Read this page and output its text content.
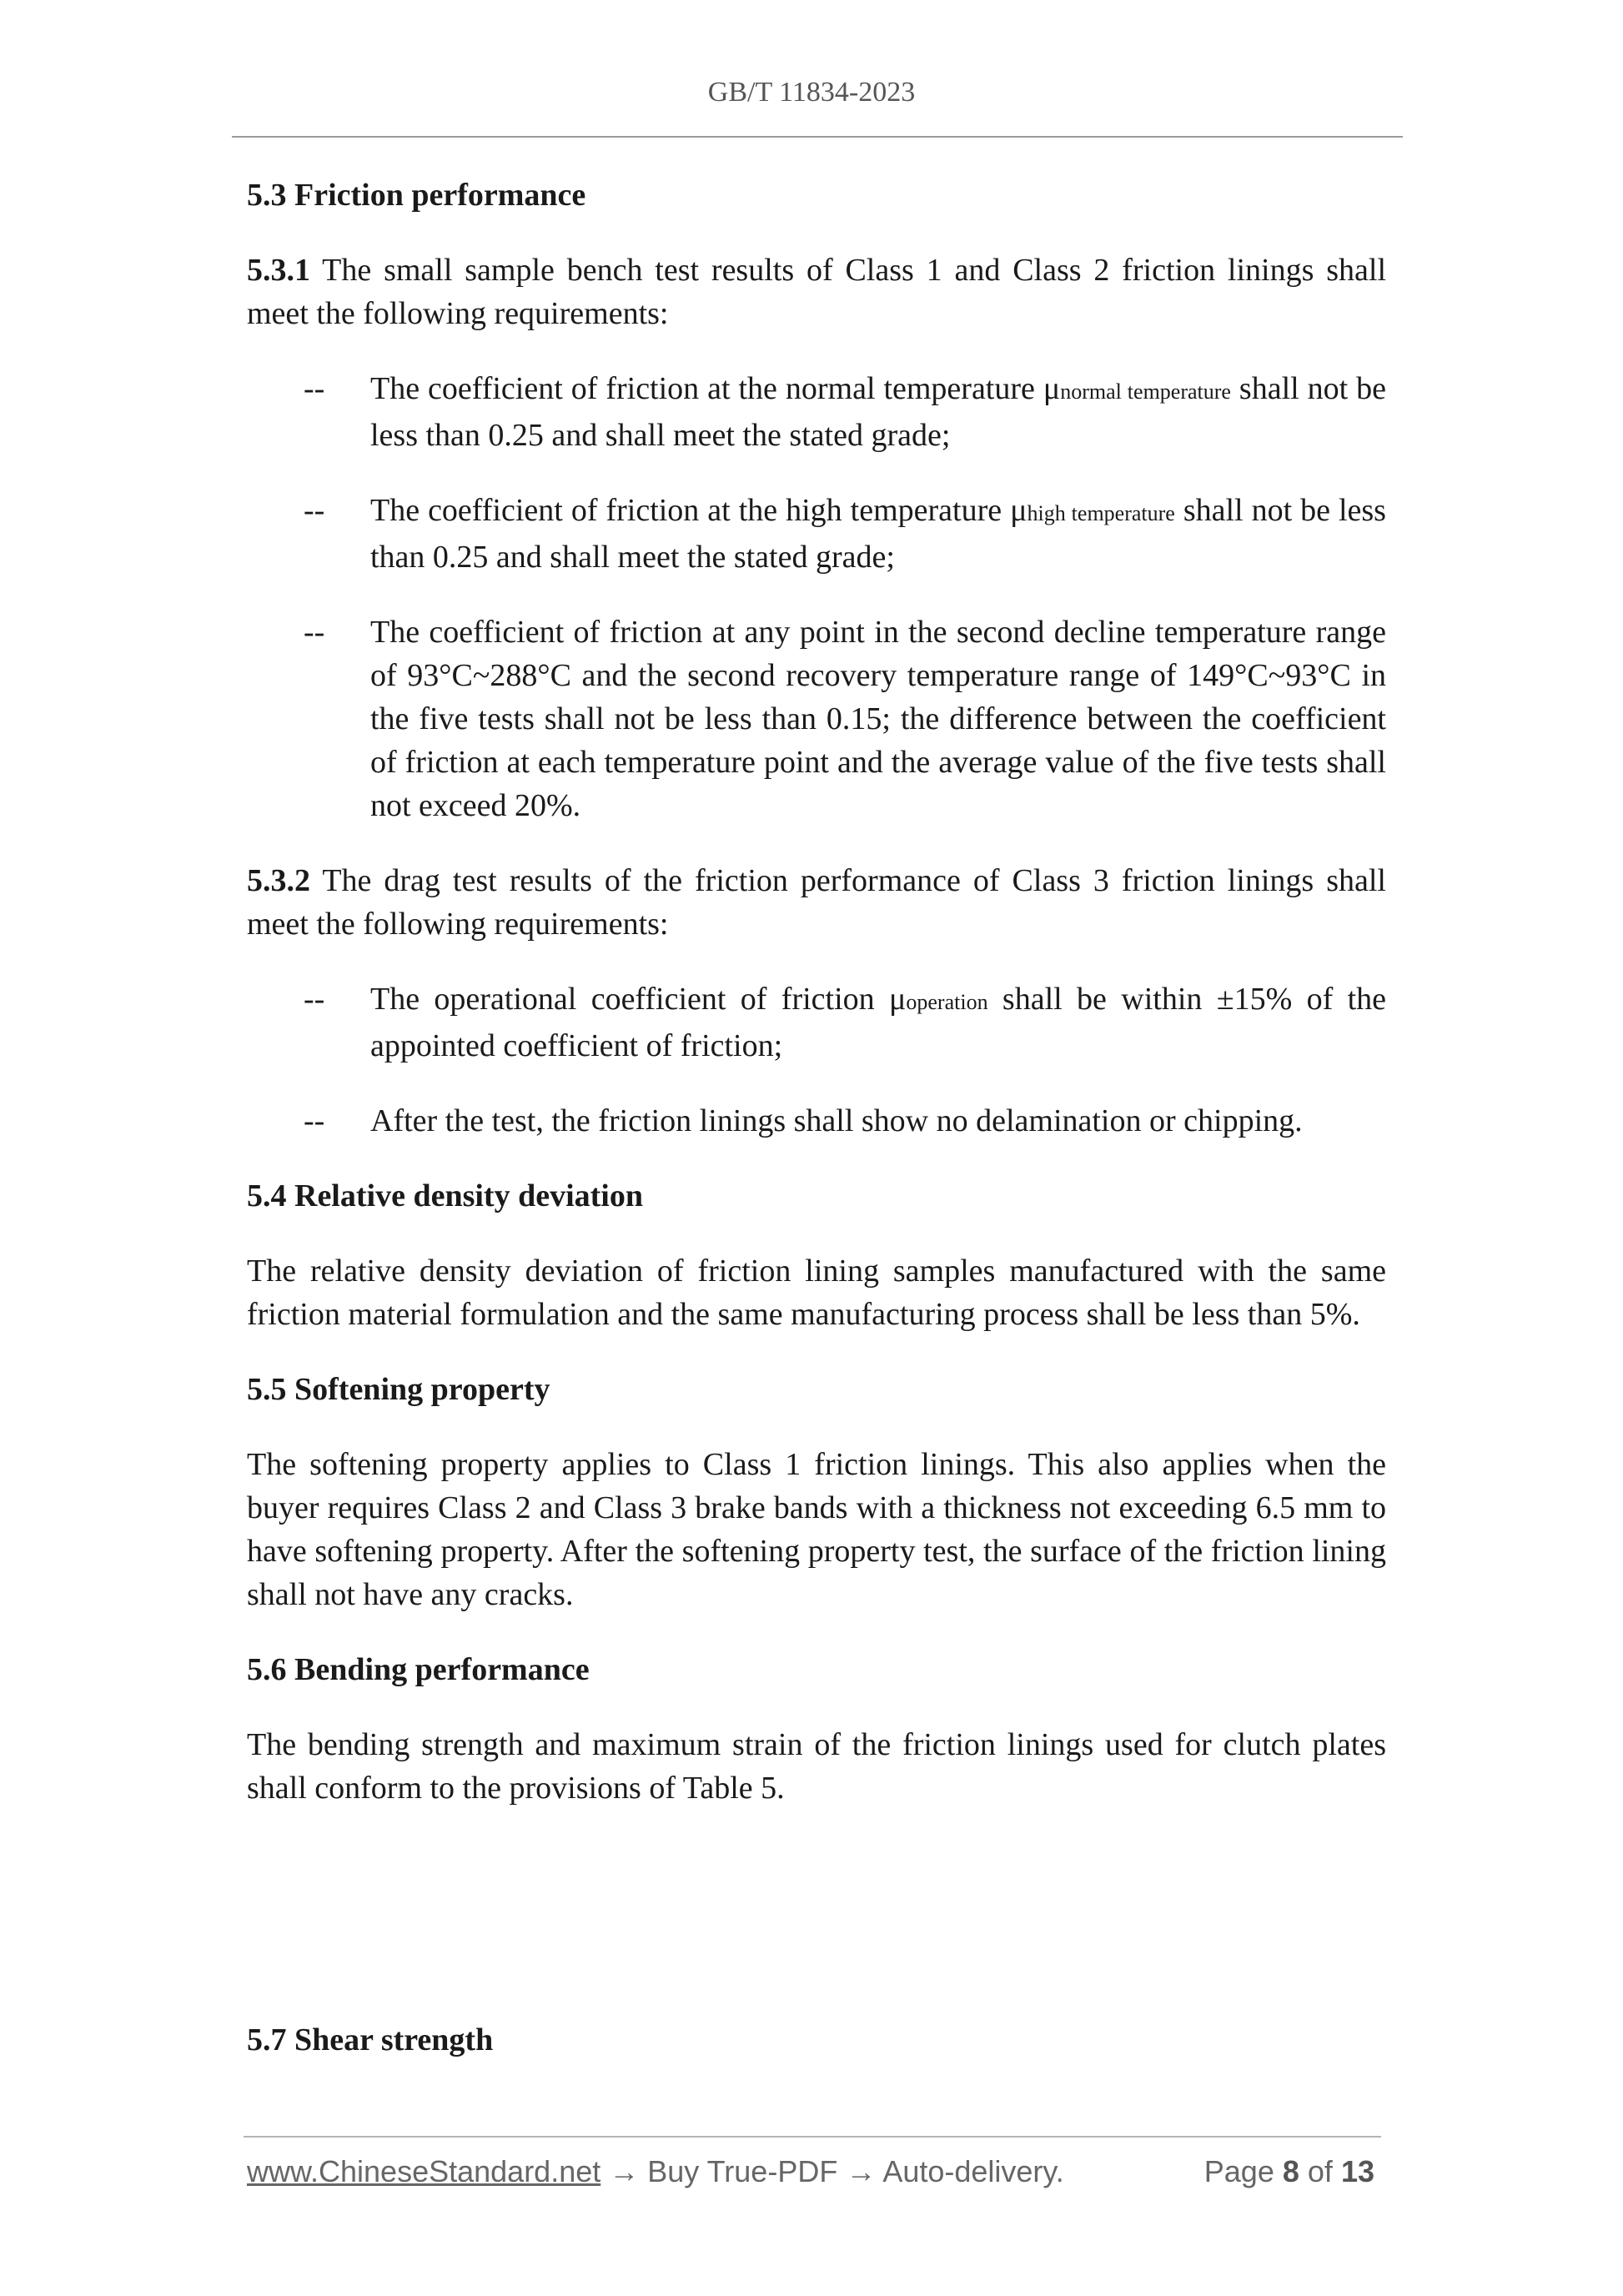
GB/T 11834-2023

5.3 Friction performance

5.3.1 The small sample bench test results of Class 1 and Class 2 friction linings shall meet the following requirements:

-- The coefficient of friction at the normal temperature μnormal temperature shall not be less than 0.25 and shall meet the stated grade;

-- The coefficient of friction at the high temperature μhigh temperature shall not be less than 0.25 and shall meet the stated grade;

-- The coefficient of friction at any point in the second decline temperature range of 93°C~288°C and the second recovery temperature range of 149°C~93°C in the five tests shall not be less than 0.15; the difference between the coefficient of friction at each temperature point and the average value of the five tests shall not exceed 20%.

5.3.2 The drag test results of the friction performance of Class 3 friction linings shall meet the following requirements:

-- The operational coefficient of friction μoperation shall be within ±15% of the appointed coefficient of friction;

-- After the test, the friction linings shall show no delamination or chipping.

5.4 Relative density deviation

The relative density deviation of friction lining samples manufactured with the same friction material formulation and the same manufacturing process shall be less than 5%.

5.5 Softening property

The softening property applies to Class 1 friction linings. This also applies when the buyer requires Class 2 and Class 3 brake bands with a thickness not exceeding 6.5 mm to have softening property. After the softening property test, the surface of the friction lining shall not have any cracks.

5.6 Bending performance

The bending strength and maximum strain of the friction linings used for clutch plates shall conform to the provisions of Table 5.

5.7 Shear strength

www.ChineseStandard.net → Buy True-PDF → Auto-delivery.	Page 8 of 13
